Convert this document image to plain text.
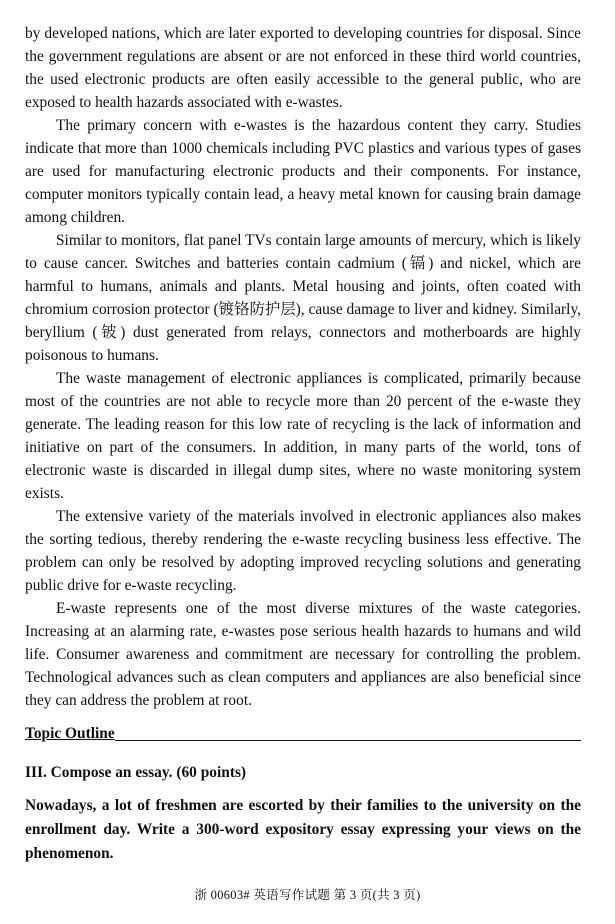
by developed nations, which are later exported to developing countries for disposal. Since the government regulations are absent or are not enforced in these third world countries, the used electronic products are often easily accessible to the general public, who are exposed to health hazards associated with e-wastes.

The primary concern with e-wastes is the hazardous content they carry. Studies indicate that more than 1000 chemicals including PVC plastics and various types of gases are used for manufacturing electronic products and their components. For instance, computer monitors typically contain lead, a heavy metal known for causing brain damage among children.

Similar to monitors, flat panel TVs contain large amounts of mercury, which is likely to cause cancer. Switches and batteries contain cadmium (镉) and nickel, which are harmful to humans, animals and plants. Metal housing and joints, often coated with chromium corrosion protector (镀铬防护层), cause damage to liver and kidney. Similarly, beryllium (铍) dust generated from relays, connectors and motherboards are highly poisonous to humans.

The waste management of electronic appliances is complicated, primarily because most of the countries are not able to recycle more than 20 percent of the e-waste they generate. The leading reason for this low rate of recycling is the lack of information and initiative on part of the consumers. In addition, in many parts of the world, tons of electronic waste is discarded in illegal dump sites, where no waste monitoring system exists.

The extensive variety of the materials involved in electronic appliances also makes the sorting tedious, thereby rendering the e-waste recycling business less effective. The problem can only be resolved by adopting improved recycling solutions and generating public drive for e-waste recycling.

E-waste represents one of the most diverse mixtures of the waste categories. Increasing at an alarming rate, e-wastes pose serious health hazards to humans and wild life. Consumer awareness and commitment are necessary for controlling the problem. Technological advances such as clean computers and appliances are also beneficial since they can address the problem at root.

Topic Outline
III. Compose an essay. (60 points)
Nowadays, a lot of freshmen are escorted by their families to the university on the enrollment day. Write a 300-word expository essay expressing your views on the phenomenon.
浙 00603# 英语写作试题 第 3 页(共 3 页)
